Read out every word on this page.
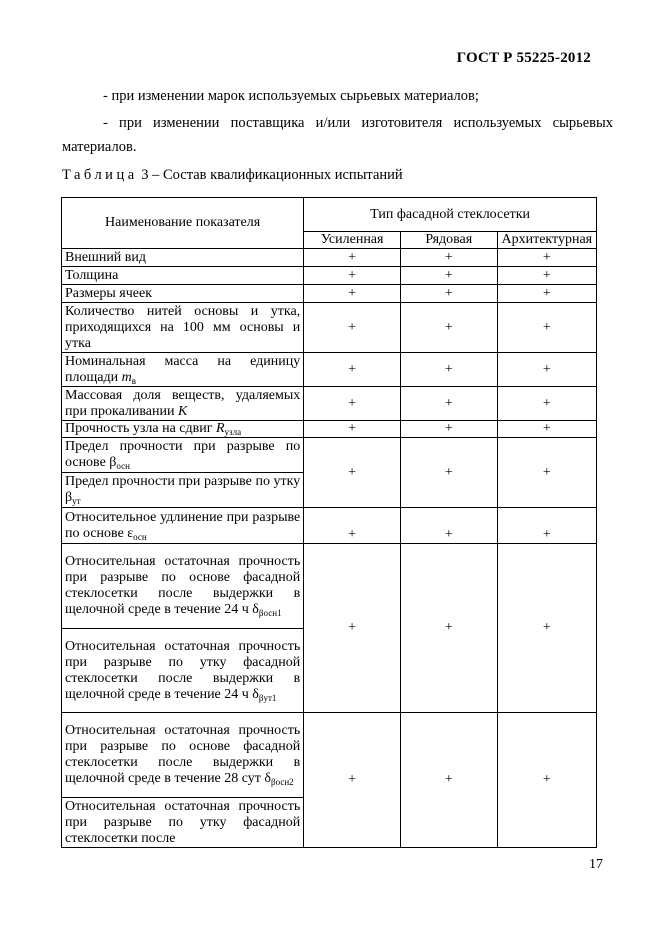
ГОСТ Р 55225-2012
- при изменении марок используемых сырьевых материалов;
- при изменении поставщика и/или изготовителя используемых сырьевых
материалов.
Таблица 3 – Состав квалификационных испытаний
Наименование показателя	Тип фасадной стеклосетки		
	Усиленная	Рядовая	Архитектурная
Внешний вид	+	+	+
Толщина	+	+	+
Размеры ячеек	+	+	+
Количество нитей основы и утка, приходящихся на 100 мм основы и утка	+	+	+
Номинальная масса на единицу площади $m_в$	+	+	+
Массовая доля веществ, удаляемых при прокаливании K	+	+	+
Прочность узла на сдвиг $R_{узла}$	+	+	+
Предел прочности при разрыве по основе $\beta_{осн}$	+	+	+
Предел прочности при разрыве по утку $\beta_{ут}$
Относительное удлинение при разрыве по основе $\varepsilon_{осн}$	+	+	+
Относительная остаточная прочность при разрыве по основе фасадной стеклосетки после выдержки в щелочной среде в течение 24 ч $\delta_{\beta осн1}$	+	+	+
Относительная остаточная прочность при разрыве по утку фасадной стеклосетки после выдержки в щелочной среде в течение 24 ч $\delta_{\beta ут1}$
Относительная остаточная прочность при разрыве по основе фасадной стеклосетки после выдержки в щелочной среде в течение 28 сут $\delta_{\beta осн2}$	+	+	+
Относительная остаточная прочность при разрыве по утку фасадной стеклосетки после			
17
